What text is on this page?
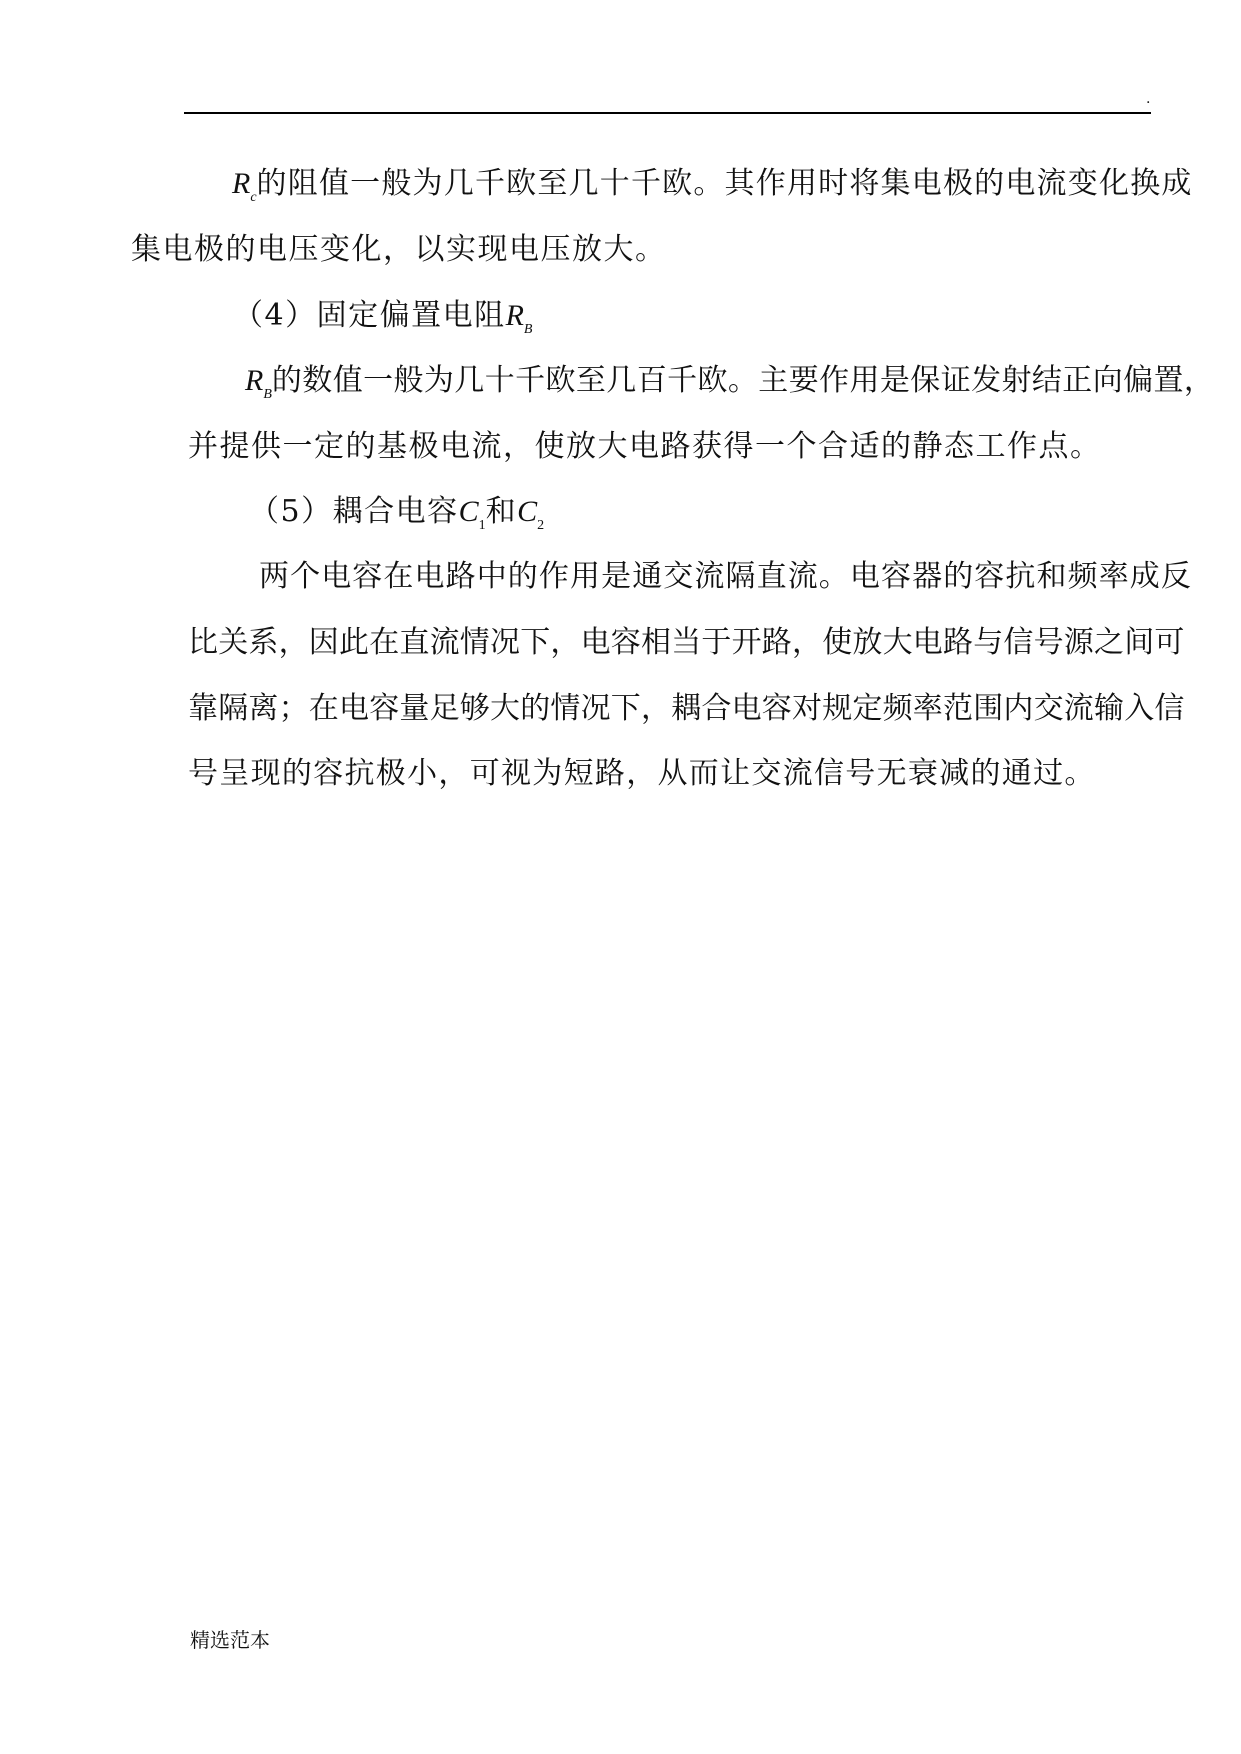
.
$R_c$的阻值一般为几千欧至几十千欧。其作用时将集电极的电流变化换成
集电极的电压变化，以实现电压放大。
（4）固定偏置电阻$R_B$
$R_B$的数值一般为几十千欧至几百千欧。主要作用是保证发射结正向偏置，
并提供一定的基极电流，使放大电路获得一个合适的静态工作点。
（5）耦合电容$C_1$和$C_2$
两个电容在电路中的作用是通交流隔直流。电容器的容抗和频率成反
比关系，因此在直流情况下，电容相当于开路，使放大电路与信号源之间可
靠隔离；在电容量足够大的情况下，耦合电容对规定频率范围内交流输入信
号呈现的容抗极小，可视为短路，从而让交流信号无衰减的通过。
精选范本
